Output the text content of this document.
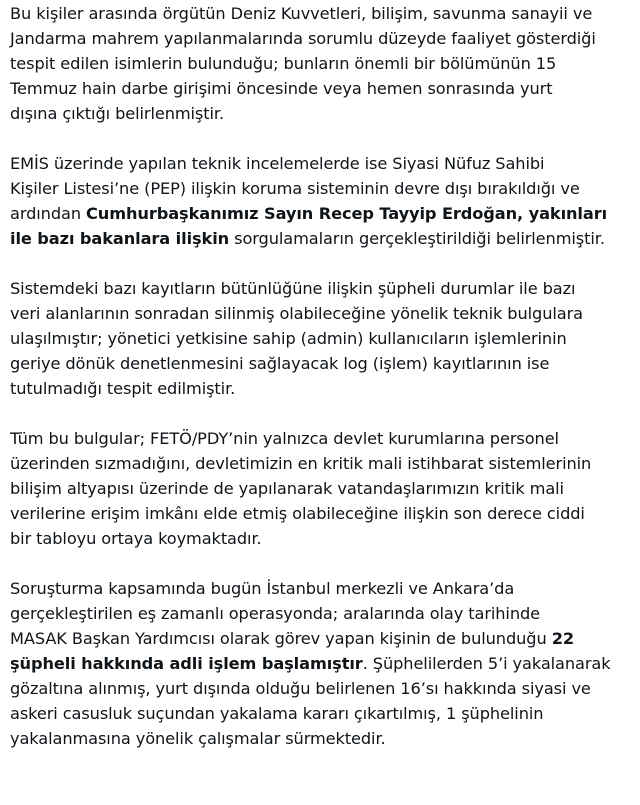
Bu kişiler arasında örgütün Deniz Kuvvetleri, bilişim, savunma sanayii ve
Jandarma mahrem yapılanmalarında sorumlu düzeyde faaliyet gösterdiği
tespit edilen isimlerin bulunduğu; bunların önemli bir bölümünün 15
Temmuz hain darbe girişimi öncesinde veya hemen sonrasında yurt
dışına çıktığı belirlenmiştir.

EMİS üzerinde yapılan teknik incelemelerde ise Siyasi Nüfuz Sahibi
Kişiler Listesi’ne (PEP) ilişkin koruma sisteminin devre dışı bırakıldığı ve
ardından Cumhurbaşkanımız Sayın Recep Tayyip Erdoğan, yakınları
ile bazı bakanlara ilişkin sorgulamaların gerçekleştirildiği belirlenmiştir.

Sistemdeki bazı kayıtların bütünlüğüne ilişkin şüpheli durumlar ile bazı
veri alanlarının sonradan silinmiş olabileceğine yönelik teknik bulgulara
ulaşılmıştır; yönetici yetkisine sahip (admin) kullanıcıların işlemlerinin
geriye dönük denetlenmesini sağlayacak log (işlem) kayıtlarının ise
tutulmadığı tespit edilmiştir.

Tüm bu bulgular; FETÖ/PDY’nin yalnızca devlet kurumlarına personel
üzerinden sızmadığını, devletimizin en kritik mali istihbarat sistemlerinin
bilişim altyapısı üzerinde de yapılanarak vatandaşlarımızın kritik mali
verilerine erişim imkânı elde etmiş olabileceğine ilişkin son derece ciddi
bir tabloyu ortaya koymaktadır.

Soruşturma kapsamında bugün İstanbul merkezli ve Ankara’da
gerçekleştirilen eş zamanlı operasyonda; aralarında olay tarihinde
MASAK Başkan Yardımcısı olarak görev yapan kişinin de bulunduğu 22
şüpheli hakkında adli işlem başlamıştır. Şüphelilerden 5’i yakalanarak
gözaltına alınmış, yurt dışında olduğu belirlenen 16’sı hakkında siyasi ve
askeri casusluk suçundan yakalama kararı çıkartılmış, 1 şüphelinin
yakalanmasına yönelik çalışmalar sürmektedir.
